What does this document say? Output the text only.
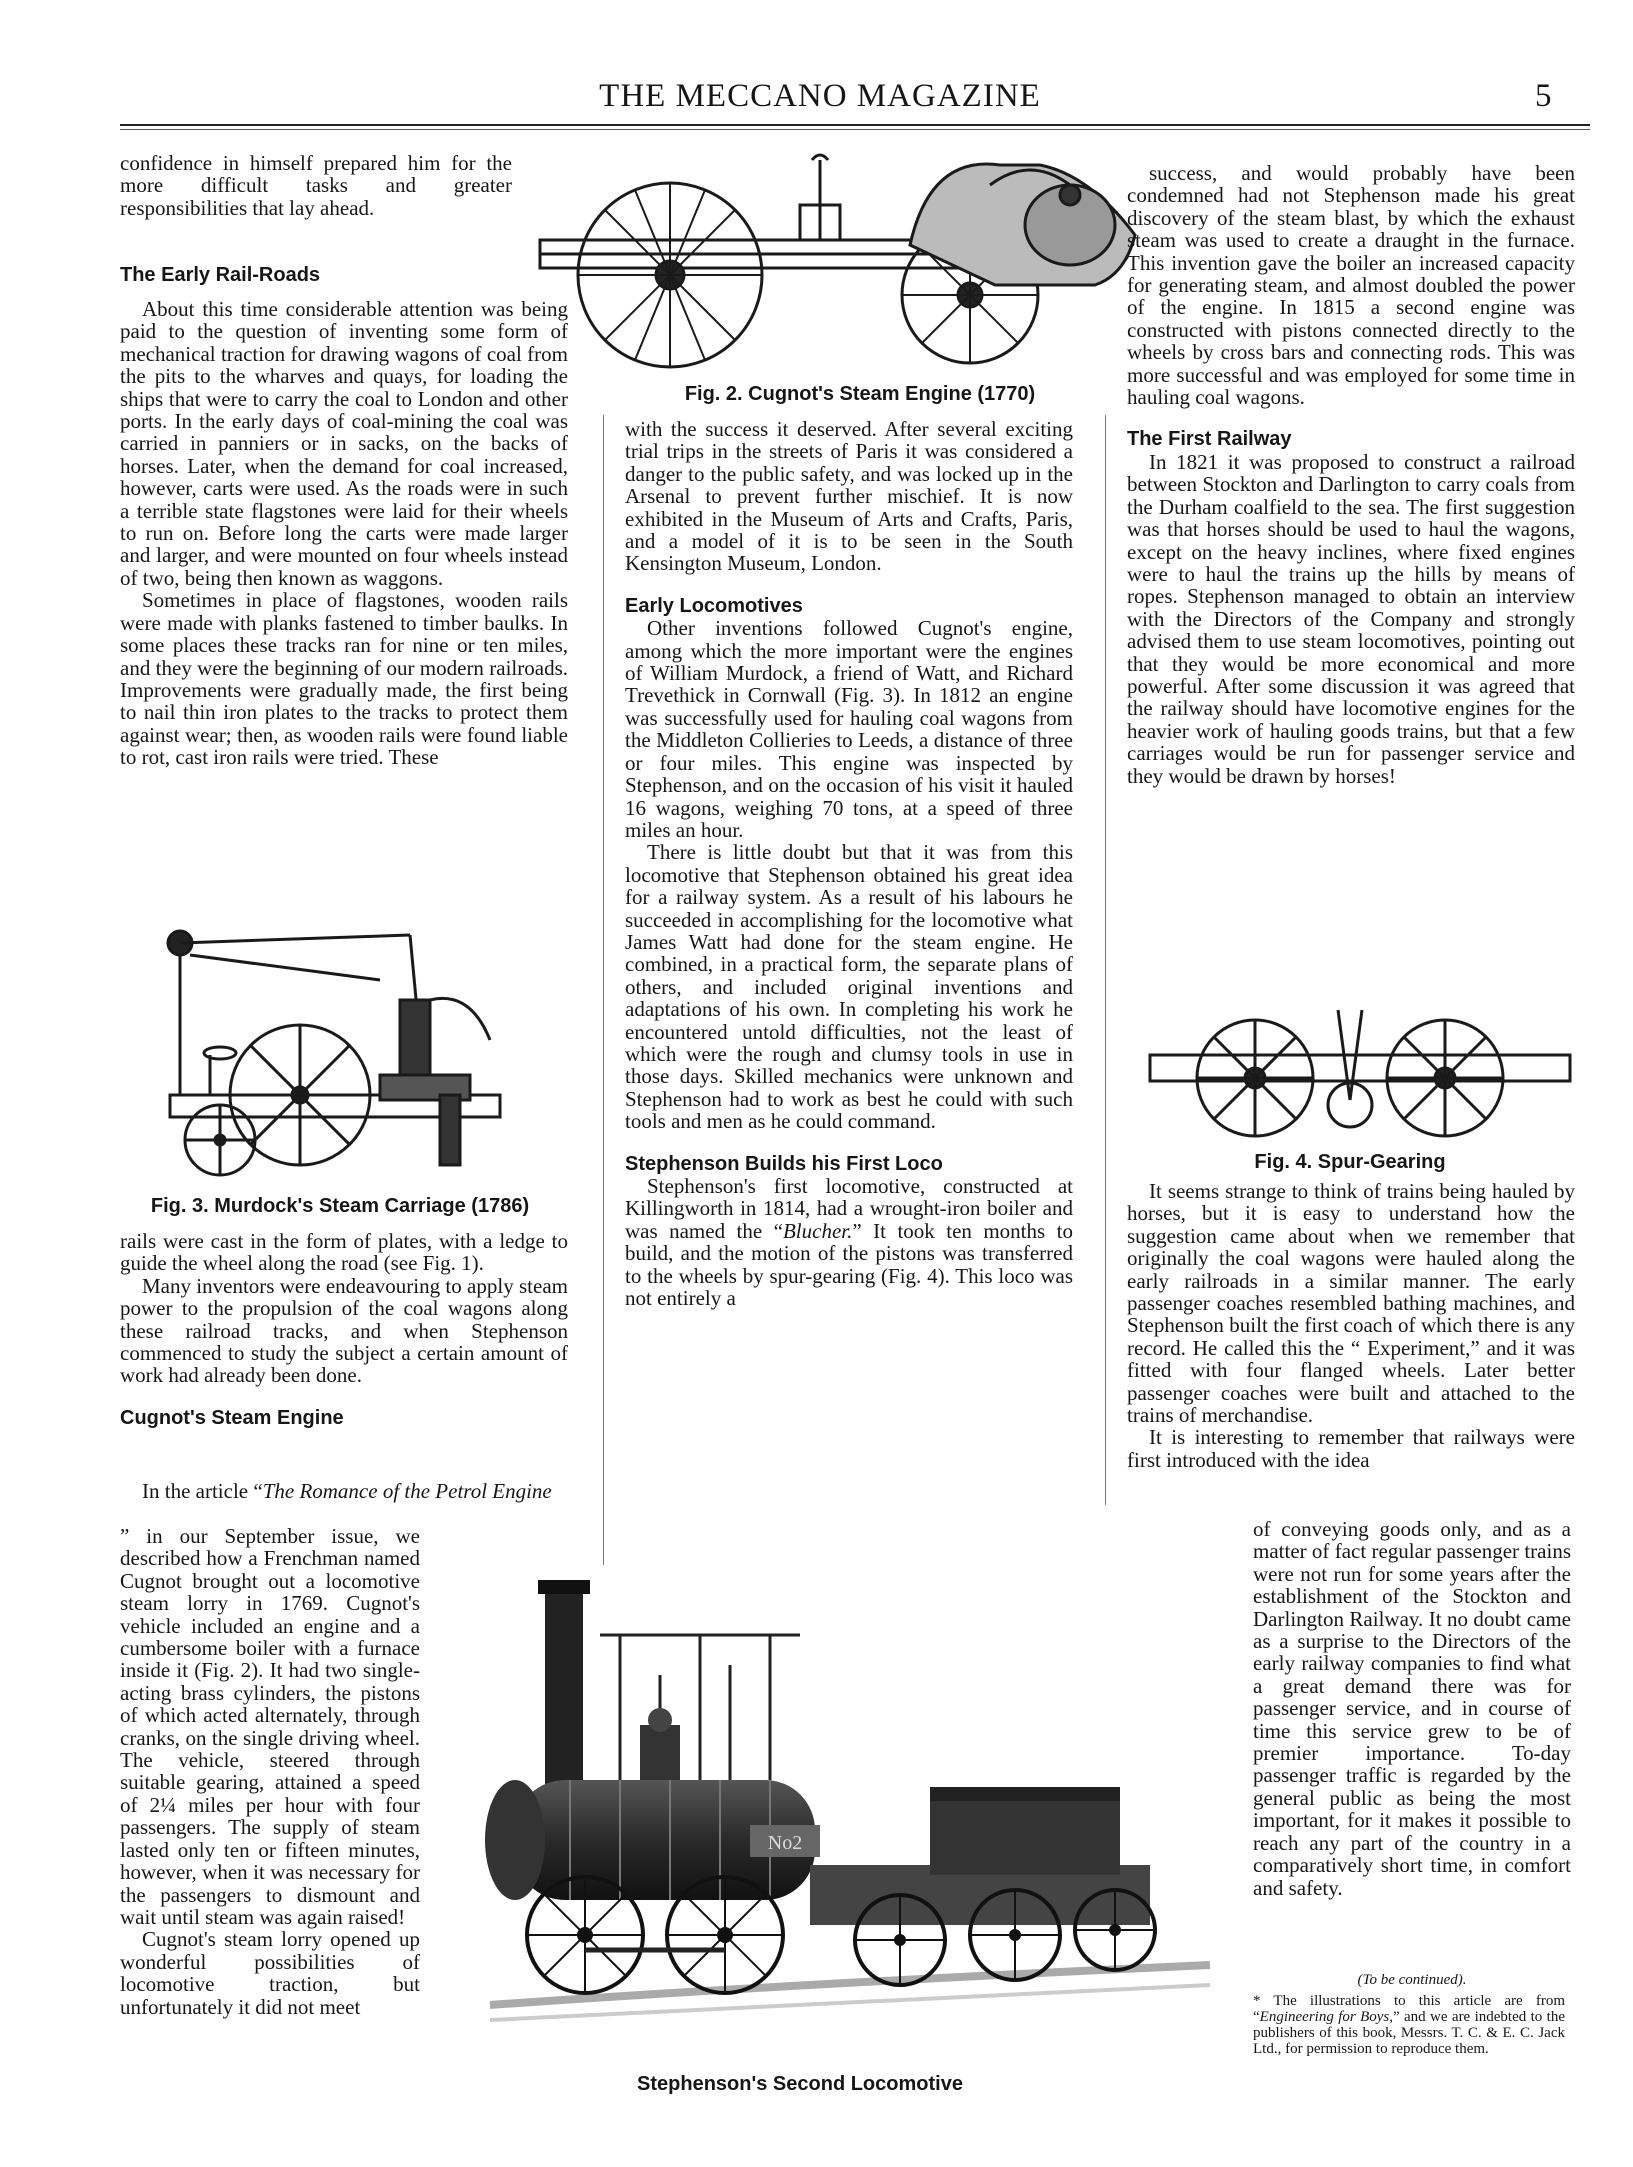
THE MECCANO MAGAZINE	5

confidence in himself prepared him for the more difficult tasks and greater responsibilities that lay ahead.

The Early Rail-Roads

About this time considerable attention was being paid to the question of inventing some form of mechanical traction for drawing wagons of coal from the pits to the wharves and quays, for loading the ships that were to carry the coal to London and other ports. In the early days of coal-mining the coal was carried in panniers or in sacks, on the backs of horses. Later, when the demand for coal increased, however, carts were used. As the roads were in such a terrible state flagstones were laid for their wheels to run on. Before long the carts were made larger and larger, and were mounted on four wheels instead of two, being then known as waggons.

Sometimes in place of flagstones, wooden rails were made with planks fastened to timber baulks. In some places these tracks ran for nine or ten miles, and they were the beginning of our modern railroads. Improvements were gradually made, the first being to nail thin iron plates to the tracks to protect them against wear; then, as wooden rails were found liable to rot, cast iron rails were tried. These

Fig. 3. Murdock's Steam Carriage (1786)

rails were cast in the form of plates, with a ledge to guide the wheel along the road (see Fig. 1).

Many inventors were endeavouring to apply steam power to the propulsion of the coal wagons along these railroad tracks, and when Stephenson commenced to study the subject a certain amount of work had already been done.

Cugnot's Steam Engine

In the article “The Romance of the Petrol Engine

” in our September issue, we described how a Frenchman named Cugnot brought out a locomotive steam lorry in 1769. Cugnot's vehicle included an engine and a cumbersome boiler with a furnace inside it (Fig. 2). It had two single-acting brass cylinders, the pistons of which acted alternately, through cranks, on the single driving wheel. The vehicle, steered through suitable gearing, attained a speed of 2¼ miles per hour with four passengers. The supply of steam lasted only ten or fifteen minutes, however, when it was necessary for the passengers to dismount and wait until steam was again raised!

Cugnot's steam lorry opened up wonderful possibilities of locomotive traction, but unfortunately it did not meet

Fig. 2. Cugnot's Steam Engine (1770)

with the success it deserved. After several exciting trial trips in the streets of Paris it was considered a danger to the public safety, and was locked up in the Arsenal to prevent further mischief. It is now exhibited in the Museum of Arts and Crafts, Paris, and a model of it is to be seen in the South Kensington Museum, London.

Early Locomotives

Other inventions followed Cugnot's engine, among which the more important were the engines of William Murdock, a friend of Watt, and Richard Trevethick in Cornwall (Fig. 3). In 1812 an engine was successfully used for hauling coal wagons from the Middleton Collieries to Leeds, a distance of three or four miles. This engine was inspected by Stephenson, and on the occasion of his visit it hauled 16 wagons, weighing 70 tons, at a speed of three miles an hour.

There is little doubt but that it was from this locomotive that Stephenson obtained his great idea for a railway system. As a result of his labours he succeeded in accomplishing for the locomotive what James Watt had done for the steam engine. He combined, in a practical form, the separate plans of others, and included original inventions and adaptations of his own. In completing his work he encountered untold difficulties, not the least of which were the rough and clumsy tools in use in those days. Skilled mechanics were unknown and Stephenson had to work as best he could with such tools and men as he could command.

Stephenson Builds his First Loco

Stephenson's first locomotive, constructed at Killingworth in 1814, had a wrought-iron boiler and was named the “Blucher.” It took ten months to build, and the motion of the pistons was transferred to the wheels by spur-gearing (Fig. 4). This loco was not entirely a

success, and would probably have been condemned had not Stephenson made his great discovery of the steam blast, by which the exhaust steam was used to create a draught in the furnace. This invention gave the boiler an increased capacity for generating steam, and almost doubled the power of the engine. In 1815 a second engine was constructed with pistons connected directly to the wheels by cross bars and connecting rods. This was more successful and was employed for some time in hauling coal wagons.

The First Railway

In 1821 it was proposed to construct a railroad between Stockton and Darlington to carry coals from the Durham coalfield to the sea. The first suggestion was that horses should be used to haul the wagons, except on the heavy inclines, where fixed engines were to haul the trains up the hills by means of ropes. Stephenson managed to obtain an interview with the Directors of the Company and strongly advised them to use steam locomotives, pointing out that they would be more economical and more powerful. After some discussion it was agreed that the railway should have locomotive engines for the heavier work of hauling goods trains, but that a few carriages would be run for passenger service and they would be drawn by horses!

Fig. 4. Spur-Gearing

It seems strange to think of trains being hauled by horses, but it is easy to understand how the suggestion came about when we remember that originally the coal wagons were hauled along the early railroads in a similar manner. The early passenger coaches resembled bathing machines, and Stephenson built the first coach of which there is any record. He called this the “ Experiment,” and it was fitted with four flanged wheels. Later better passenger coaches were built and attached to the trains of merchandise.

It is interesting to remember that railways were first introduced with the idea

of conveying goods only, and as a matter of fact regular passenger trains were not run for some years after the establishment of the Stockton and Darlington Railway. It no doubt came as a surprise to the Directors of the early railway companies to find what a great demand there was for passenger service, and in course of time this service grew to be of premier importance. To-day passenger traffic is regarded by the general public as being the most important, for it makes it possible to reach any part of the country in a comparatively short time, in comfort and safety.

(To be continued).
* The illustrations to this article are from “Engineering for Boys,” and we are indebted to the publishers of this book, Messrs. T. C. & E. C. Jack Ltd., for permission to reproduce them.
No2
Stephenson's Second Locomotive
